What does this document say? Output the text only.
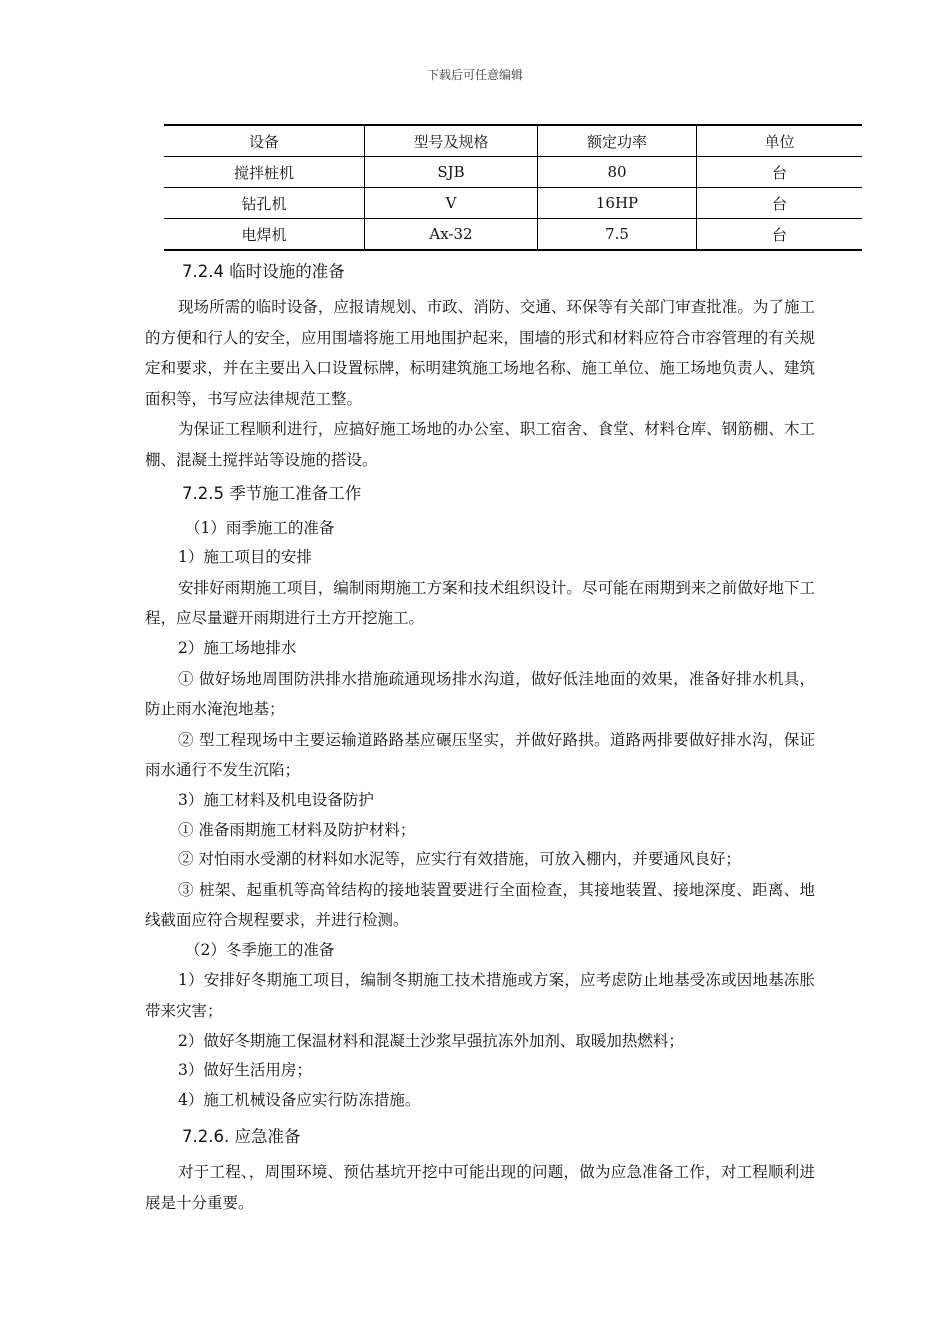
下载后可任意编辑
设备	型号及规格	额定功率	单位
搅拌桩机	SJB	80	台
钻孔机	V	16HP	台
电焊机	Ax-32	7.5	台
7.2.4 临时设施的准备

现场所需的临时设备，应报请规划、市政、消防、交通、环保等有关部门审查批准。为了施工的方便和行人的安全，应用围墙将施工用地围护起来，围墙的形式和材料应符合市容管理的有关规定和要求，并在主要出入口设置标牌，标明建筑施工场地名称、施工单位、施工场地负责人、建筑面积等，书写应法律规范工整。

为保证工程顺利进行，应搞好施工场地的办公室、职工宿舍、食堂、材料仓库、钢筋棚、木工棚、混凝土搅拌站等设施的搭设。

7.2.5 季节施工准备工作

（1）雨季施工的准备

1）施工项目的安排

安排好雨期施工项目，编制雨期施工方案和技术组织设计。尽可能在雨期到来之前做好地下工程，应尽量避开雨期进行土方开挖施工。

2）施工场地排水

① 做好场地周围防洪排水措施疏通现场排水沟道，做好低洼地面的效果，准备好排水机具，防止雨水淹泡地基；

② 型工程现场中主要运输道路路基应碾压坚实，并做好路拱。道路两排要做好排水沟，保证雨水通行不发生沉陷；

3）施工材料及机电设备防护

① 准备雨期施工材料及防护材料；

② 对怕雨水受潮的材料如水泥等，应实行有效措施，可放入棚内，并要通风良好；

③ 桩架、起重机等高耸结构的接地装置要进行全面检查，其接地装置、接地深度、距离、地线截面应符合规程要求，并进行检测。

（2）冬季施工的准备

1）安排好冬期施工项目，编制冬期施工技术措施或方案，应考虑防止地基受冻或因地基冻胀带来灾害；

2）做好冬期施工保温材料和混凝土沙浆早强抗冻外加剂、取暖加热燃料；

3）做好生活用房；

4）施工机械设备应实行防冻措施。

7.2.6. 应急准备

对于工程、，周围环境、预估基坑开挖中可能出现的问题，做为应急准备工作，对工程顺利进展是十分重要。
